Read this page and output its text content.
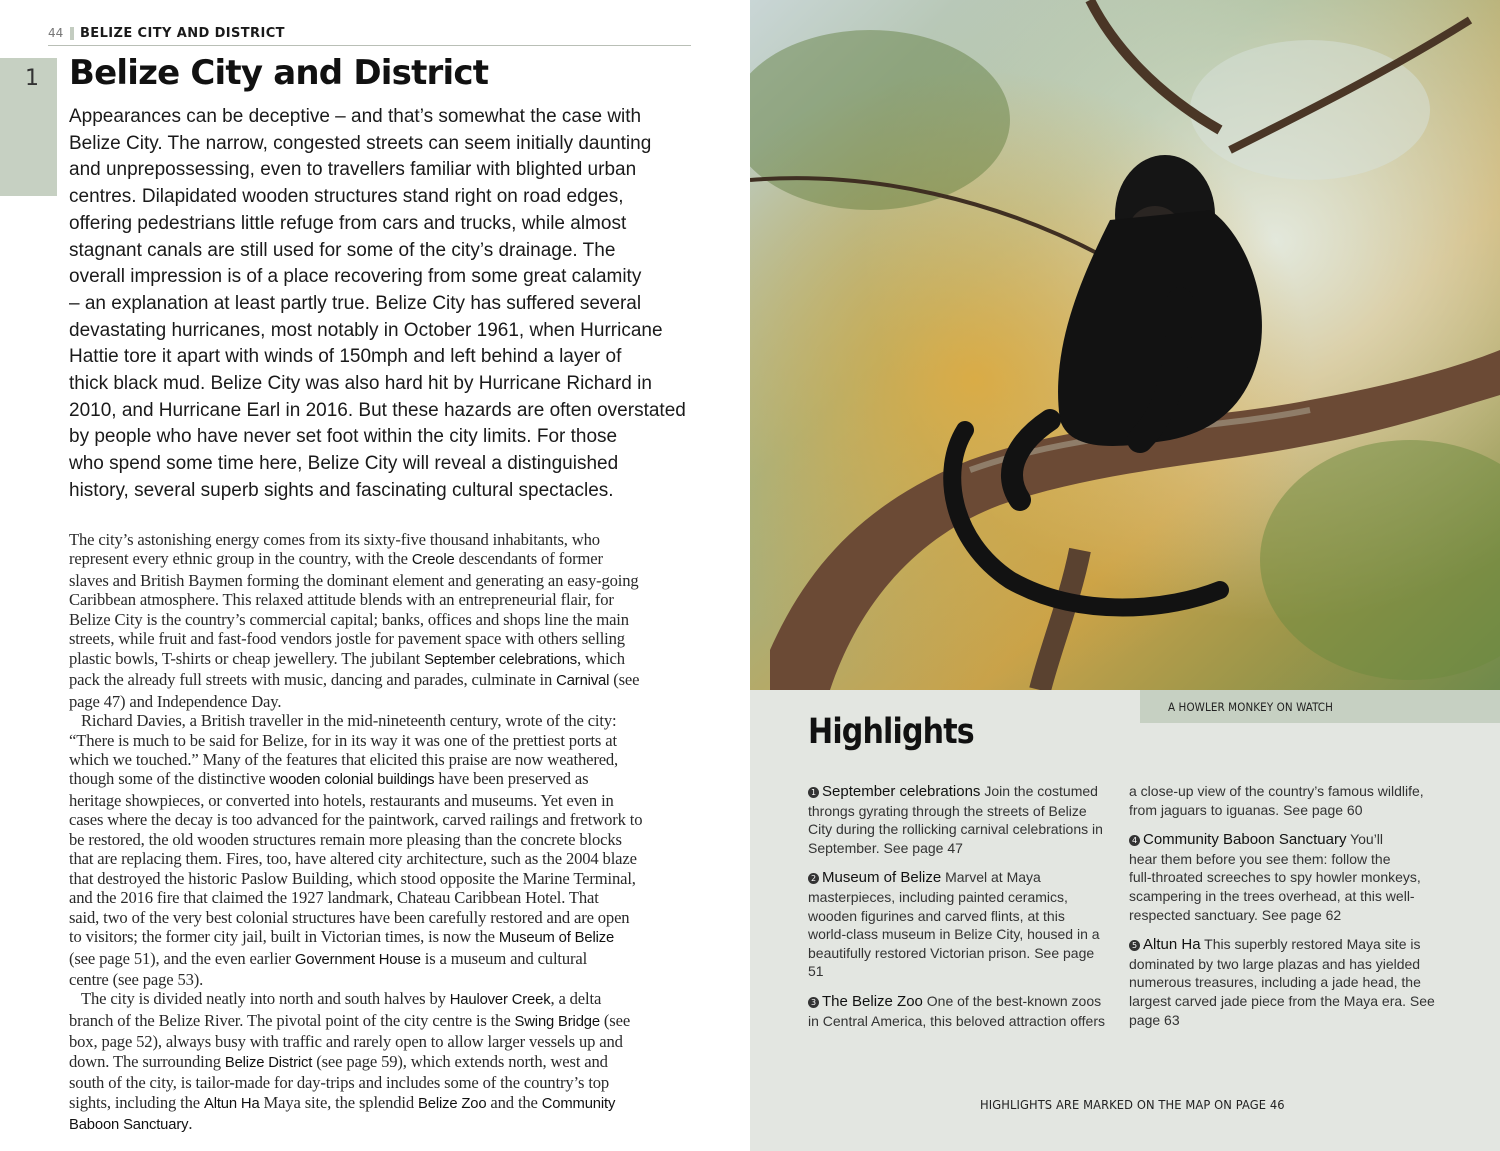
44 BELIZE CITY AND DISTRICT
1 Belize City and District
Appearances can be deceptive – and that’s somewhat the case with
Belize City. The narrow, congested streets can seem initially daunting
and unprepossessing, even to travellers familiar with blighted urban
centres. Dilapidated wooden structures stand right on road edges,
offering pedestrians little refuge from cars and trucks, while almost
stagnant canals are still used for some of the city’s drainage. The
overall impression is of a place recovering from some great calamity
– an explanation at least partly true. Belize City has suffered several
devastating hurricanes, most notably in October 1961, when Hurricane
Hattie tore it apart with winds of 150mph and left behind a layer of
thick black mud. Belize City was also hard hit by Hurricane Richard in
2010, and Hurricane Earl in 2016. But these hazards are often overstated
by people who have never set foot within the city limits. For those
who spend some time here, Belize City will reveal a distinguished
history, several superb sights and fascinating cultural spectacles.
The city’s astonishing energy comes from its sixty-five thousand inhabitants, who
represent every ethnic group in the country, with the Creole descendants of former
slaves and British Baymen forming the dominant element and generating an easy-going
Caribbean atmosphere. This relaxed attitude blends with an entrepreneurial flair, for
Belize City is the country’s commercial capital; banks, offices and shops line the main
streets, while fruit and fast-food vendors jostle for pavement space with others selling
plastic bowls, T-shirts or cheap jewellery. The jubilant September celebrations, which
pack the already full streets with music, dancing and parades, culminate in Carnival (see
page 47) and Independence Day.
Richard Davies, a British traveller in the mid-nineteenth century, wrote of the city:
“There is much to be said for Belize, for in its way it was one of the prettiest ports at
which we touched.” Many of the features that elicited this praise are now weathered,
though some of the distinctive wooden colonial buildings have been preserved as
heritage showpieces, or converted into hotels, restaurants and museums. Yet even in
cases where the decay is too advanced for the paintwork, carved railings and fretwork to
be restored, the old wooden structures remain more pleasing than the concrete blocks
that are replacing them. Fires, too, have altered city architecture, such as the 2004 blaze
that destroyed the historic Paslow Building, which stood opposite the Marine Terminal,
and the 2016 fire that claimed the 1927 landmark, Chateau Caribbean Hotel. That
said, two of the very best colonial structures have been carefully restored and are open
to visitors; the former city jail, built in Victorian times, is now the Museum of Belize
(see page 51), and the even earlier Government House is a museum and cultural
centre (see page 53).
The city is divided neatly into north and south halves by Haulover Creek, a delta
branch of the Belize River. The pivotal point of the city centre is the Swing Bridge (see
box, page 52), always busy with traffic and rarely open to allow larger vessels up and
down. The surrounding Belize District (see page 59), which extends north, west and
south of the city, is tailor-made for day-trips and includes some of the country’s top
sights, including the Altun Ha Maya site, the splendid Belize Zoo and the Community
Baboon Sanctuary.
A HOWLER MONKEY ON WATCH
Highlights
1 September celebrations Join the costumed
throngs gyrating through the streets of Belize
City during the rollicking carnival celebrations in
September. See page 47
2 Museum of Belize Marvel at Maya
masterpieces, including painted ceramics,
wooden figurines and carved flints, at this
world-class museum in Belize City, housed in a
beautifully restored Victorian prison. See page
51
3 The Belize Zoo One of the best-known zoos
in Central America, this beloved attraction offers
a close-up view of the country’s famous wildlife,
from jaguars to iguanas. See page 60
4 Community Baboon Sanctuary You’ll
hear them before you see them: follow the
full-throated screeches to spy howler monkeys,
scampering in the trees overhead, at this well-
respected sanctuary. See page 62
5 Altun Ha This superbly restored Maya site is
dominated by two large plazas and has yielded
numerous treasures, including a jade head, the
largest carved jade piece from the Maya era. See
page 63
HIGHLIGHTS ARE MARKED ON THE MAP ON PAGE 46
